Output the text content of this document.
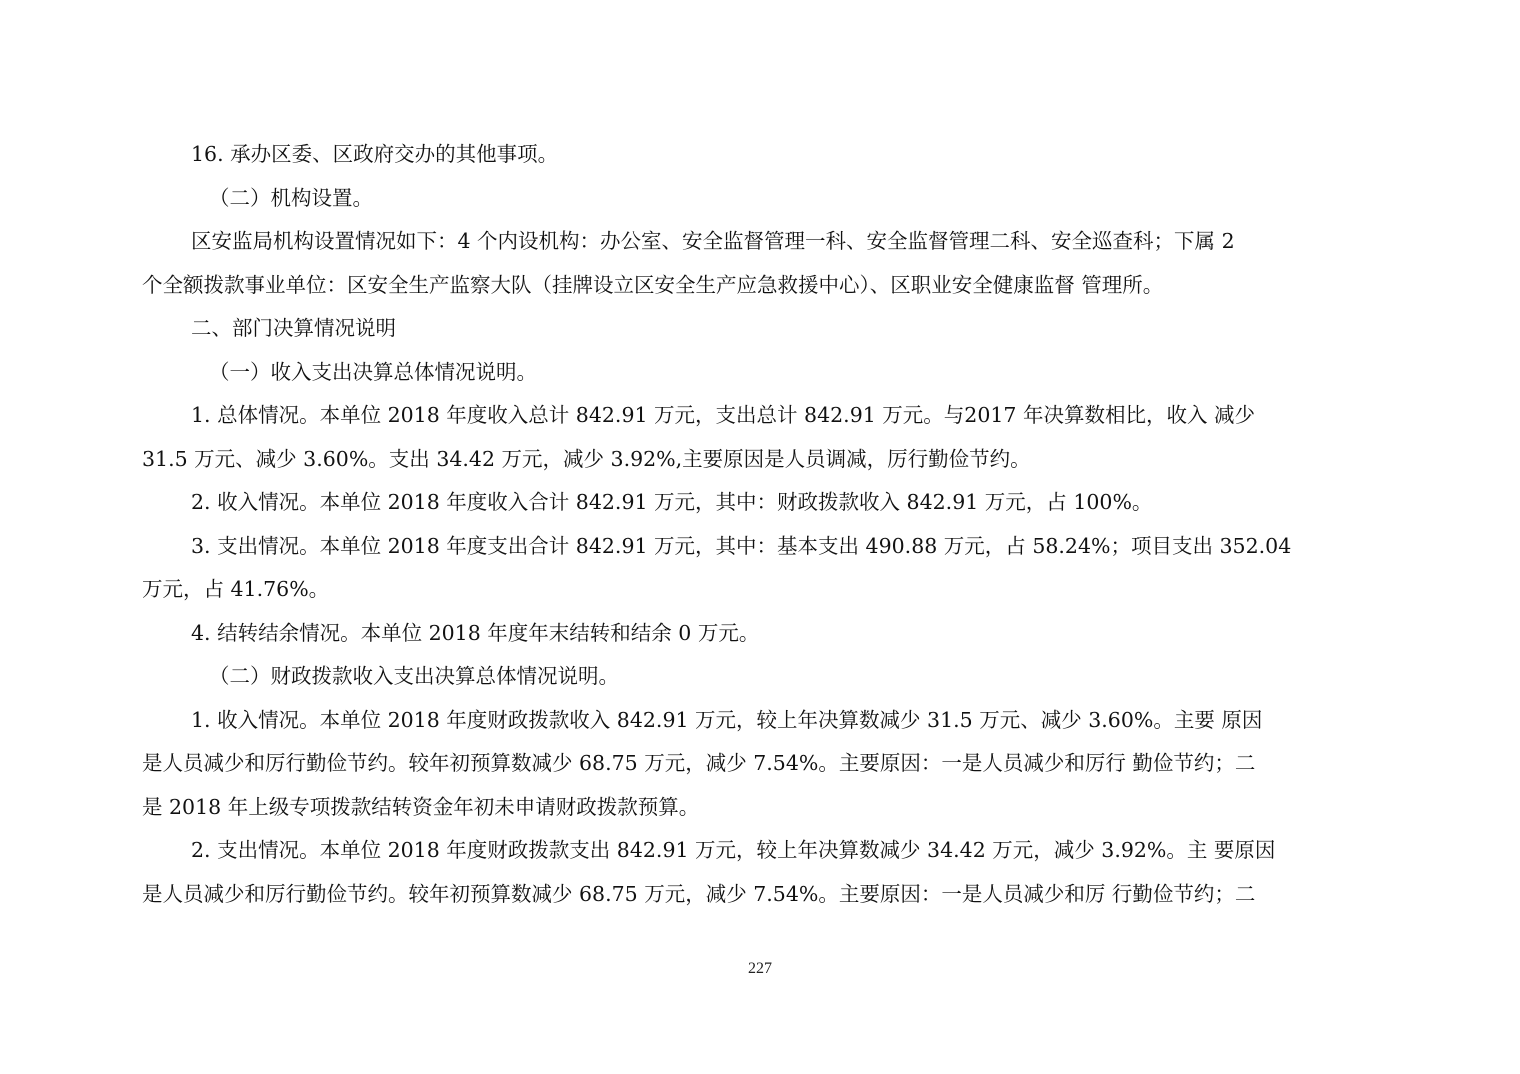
16. 承办区委、区政府交办的其他事项。
（二）机构设置。
区安监局机构设置情况如下：4 个内设机构：办公室、安全监督管理一科、安全监督管理二科、安全巡查科；下属 2
个全额拨款事业单位：区安全生产监察大队（挂牌设立区安全生产应急救援中心）、区职业安全健康监督 管理所。
二、部门决算情况说明
（一）收入支出决算总体情况说明。
1. 总体情况。本单位 2018 年度收入总计 842.91 万元，支出总计 842.91 万元。与2017 年决算数相比，收入 减少
31.5 万元、减少 3.60%。支出 34.42 万元，减少 3.92%,主要原因是人员调减，厉行勤俭节约。
2. 收入情况。本单位 2018 年度收入合计 842.91 万元，其中：财政拨款收入 842.91 万元，占 100%。
3. 支出情况。本单位 2018 年度支出合计 842.91 万元，其中：基本支出 490.88 万元，占 58.24%；项目支出 352.04
万元，占 41.76%。
4. 结转结余情况。本单位 2018 年度年末结转和结余 0 万元。
（二）财政拨款收入支出决算总体情况说明。
1. 收入情况。本单位 2018 年度财政拨款收入 842.91 万元，较上年决算数减少 31.5 万元、减少 3.60%。主要 原因
是人员减少和厉行勤俭节约。较年初预算数减少 68.75 万元，减少 7.54%。主要原因：一是人员减少和厉行 勤俭节约；二
是 2018 年上级专项拨款结转资金年初未申请财政拨款预算。
2. 支出情况。本单位 2018 年度财政拨款支出 842.91 万元，较上年决算数减少 34.42 万元，减少 3.92%。主 要原因
是人员减少和厉行勤俭节约。较年初预算数减少 68.75 万元，减少 7.54%。主要原因：一是人员减少和厉 行勤俭节约；二
227
